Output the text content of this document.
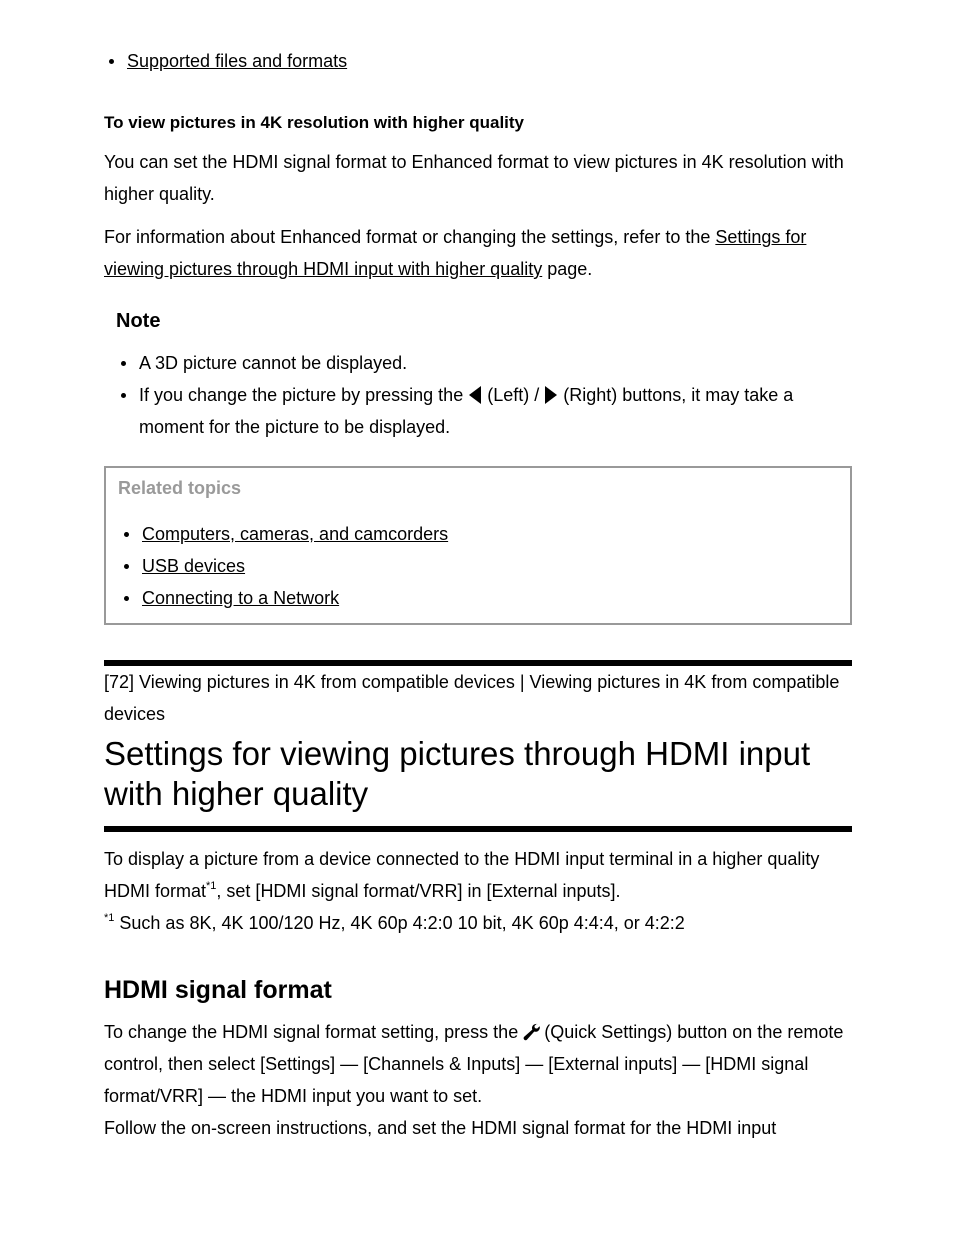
Supported files and formats
To view pictures in 4K resolution with higher quality
You can set the HDMI signal format to Enhanced format to view pictures in 4K resolution with higher quality.
For information about Enhanced format or changing the settings, refer to the Settings for viewing pictures through HDMI input with higher quality page.
Note
A 3D picture cannot be displayed.
If you change the picture by pressing the (Left) / (Right) buttons, it may take a moment for the picture to be displayed.
Related topics
Computers, cameras, and camcorders
USB devices
Connecting to a Network
[72] Viewing pictures in 4K from compatible devices | Viewing pictures in 4K from compatible devices
Settings for viewing pictures through HDMI input with higher quality
To display a picture from a device connected to the HDMI input terminal in a higher quality HDMI format$^{*1}$, set [HDMI signal format/VRR] in [External inputs].
$^{*1}$ Such as 8K, 4K 100/120 Hz, 4K 60p 4:2:0 10 bit, 4K 60p 4:4:4, or 4:2:2
HDMI signal format
To change the HDMI signal format setting, press the (Quick Settings) button on the remote control, then select [Settings] — [Channels & Inputs] — [External inputs] — [HDMI signal format/VRR] — the HDMI input you want to set.
Follow the on-screen instructions, and set the HDMI signal format for the HDMI input
